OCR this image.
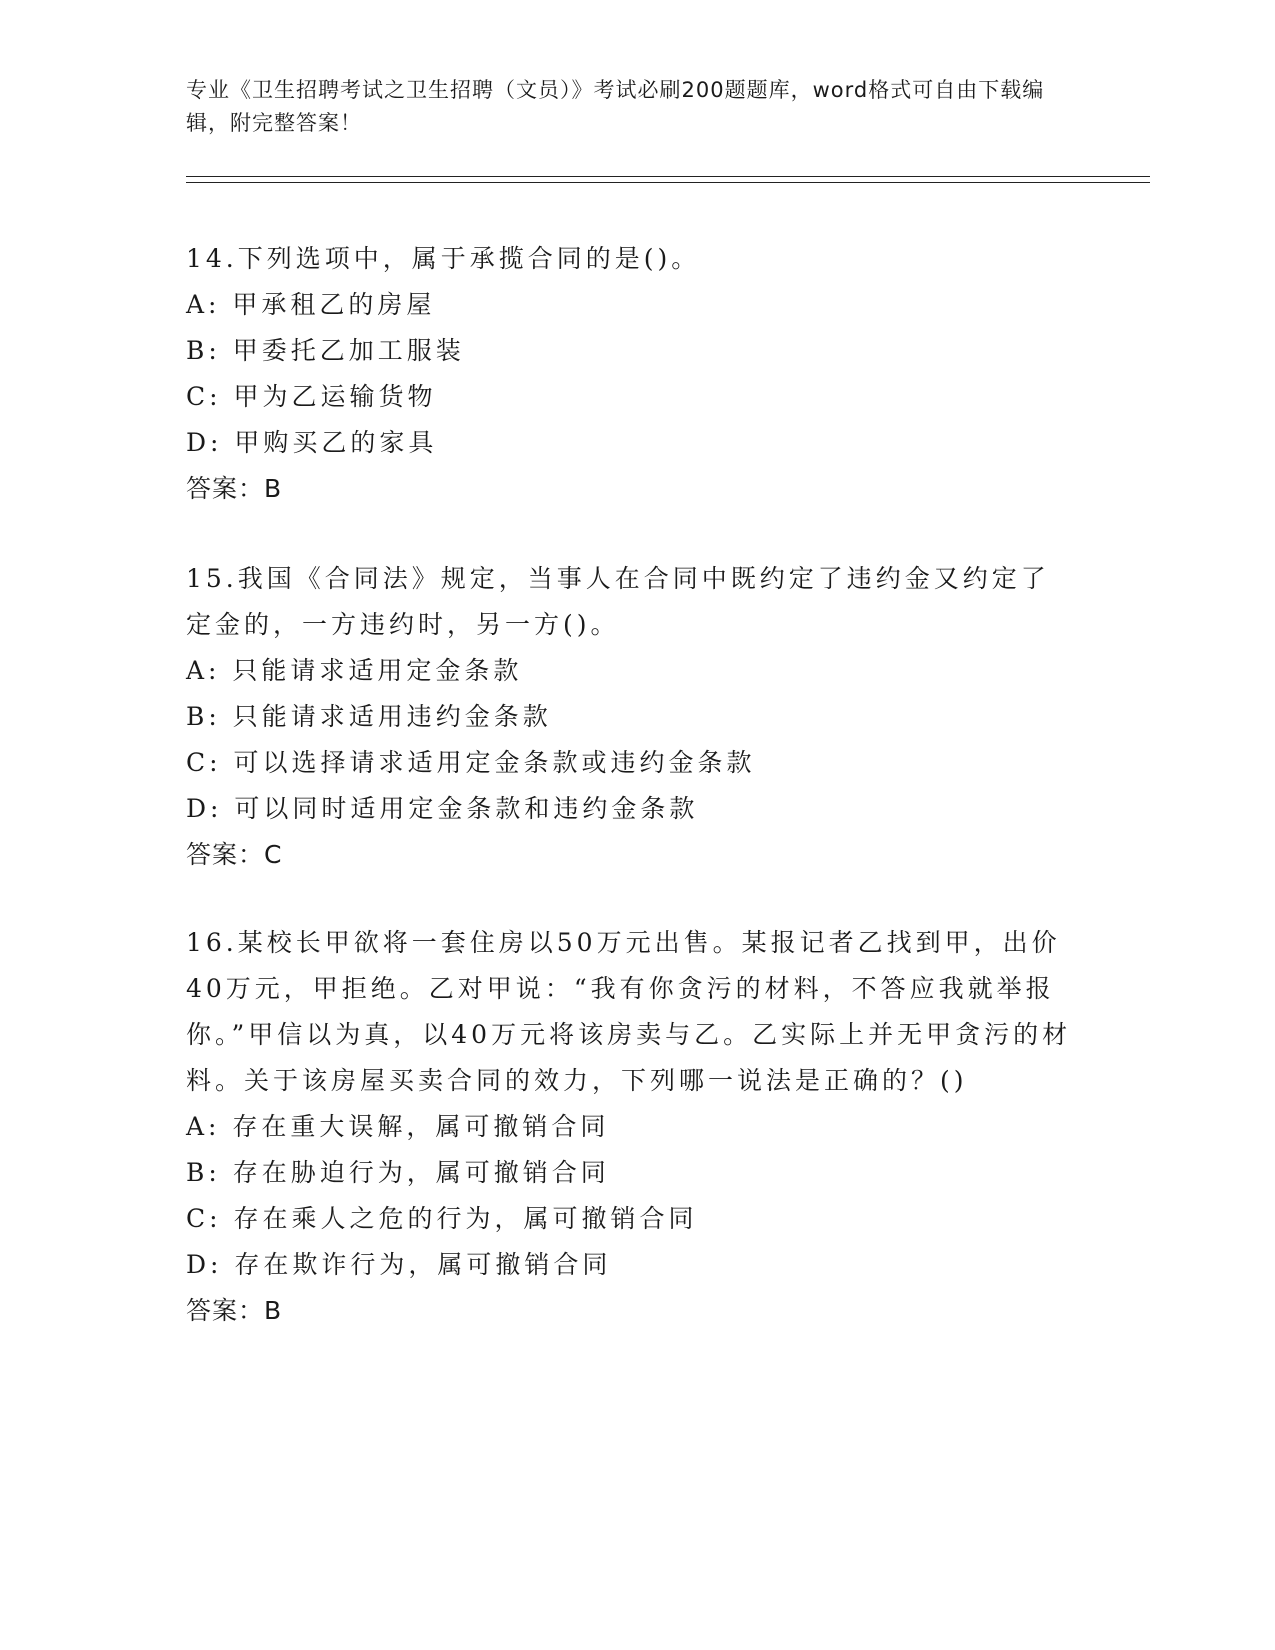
专业《卫生招聘考试之卫生招聘（文员）》考试必刷200题题库，word格式可自由下载编辑，附完整答案！
14.下列选项中，属于承揽合同的是()。
A: 甲承租乙的房屋
B: 甲委托乙加工服装
C: 甲为乙运输货物
D: 甲购买乙的家具
答案：B
15.我国《合同法》规定，当事人在合同中既约定了违约金又约定了定金的，一方违约时，另一方()。
A: 只能请求适用定金条款
B: 只能请求适用违约金条款
C: 可以选择请求适用定金条款或违约金条款
D: 可以同时适用定金条款和违约金条款
答案：C
16.某校长甲欲将一套住房以50万元出售。某报记者乙找到甲，出价40万元，甲拒绝。乙对甲说：“我有你贪污的材料，不答应我就举报你。”甲信以为真，以40万元将该房卖与乙。乙实际上并无甲贪污的材料。关于该房屋买卖合同的效力，下列哪一说法是正确的？()
A: 存在重大误解，属可撤销合同
B: 存在胁迫行为，属可撤销合同
C: 存在乘人之危的行为，属可撤销合同
D: 存在欺诈行为，属可撤销合同
答案：B
